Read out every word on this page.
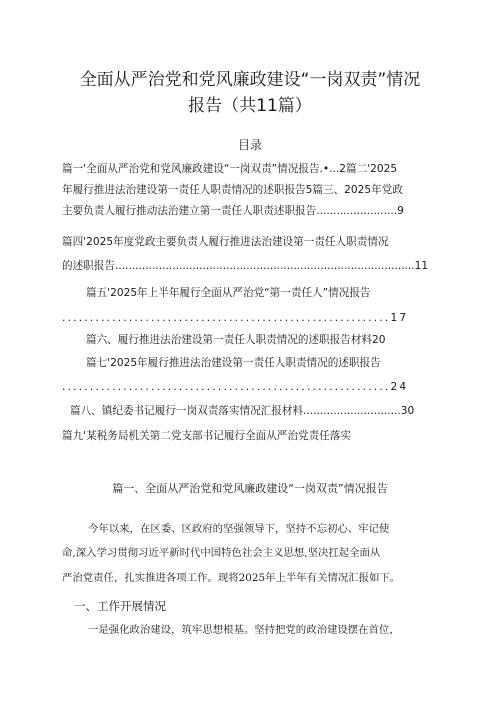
全面从严治党和党风廉政建设“一岗双责”情况
报告（共11篇）
目录
篇一'全面从严治党和党风廉政建设“一岗双责”情况报告.•...2篇二'2025
年履行推进法治建设第一责任人职责情况的述职报告5篇三、2025年党政
主要负责人履行推动法治建立第一责任人职责述职报告........................9
篇四'2025年度党政主要负责人履行推进法治建设第一责任人职责情况
的述职报告.........................................................................................11
篇五'2025年上半年履行全面从严治党“第一责任人”情况报告
...........................................................17
篇六、履行推进法治建设第一责任人职责情况的述职报告材料20
篇七'2025年履行推进法治建设第一责任人职责情况的述职报告
...........................................................24
篇八、镇纪委书记履行一岗双责落实情况汇报材料.............................30
篇九'某税务局机关第二党支部书记履行全面从严治党责任落实
篇一、全面从严治党和党风廉政建设“一岗双责”情况报告
今年以来，在区委、区政府的坚强领导下，坚持不忘初心、牢记使
命,深入学习贯彻习近平新时代中国特色社会主义思想,坚决扛起全面从
严治党责任，扎实推进各项工作。现将2025年上半年有关情况汇报如下。
一、工作开展情况
一是强化政治建设，筑牢思想根基。坚持把党的政治建设摆在首位，
